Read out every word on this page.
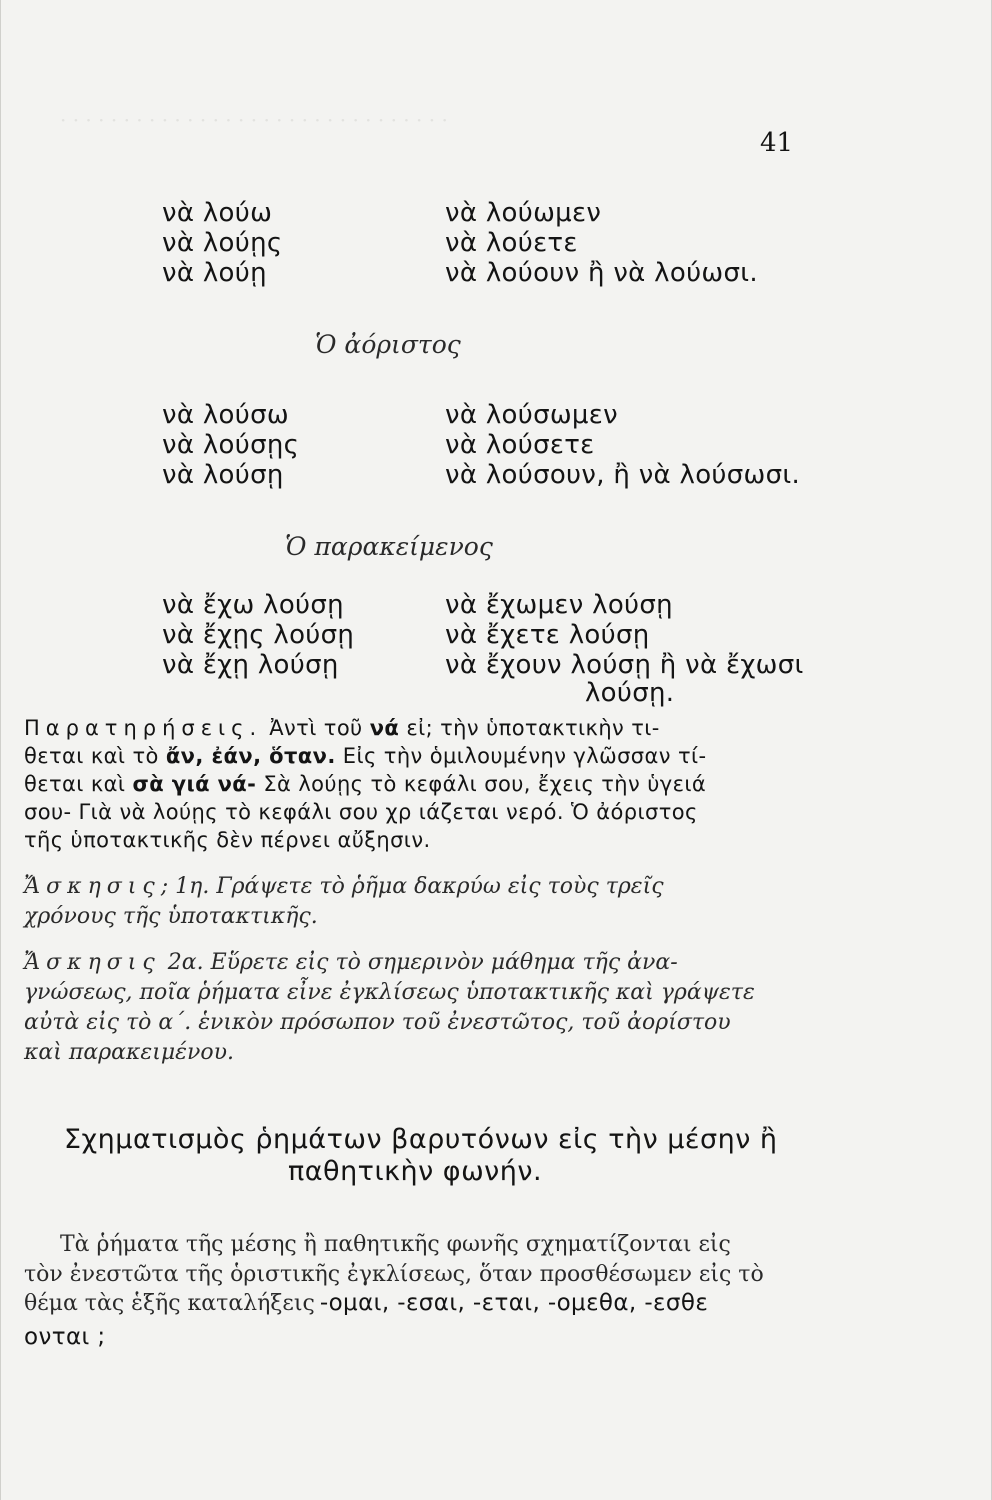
· · · · · · · · · · · · · · · · · · · · · · · · · · · · · · ·
41
νὰ λούω
νὰ λούῃς
νὰ λούῃ
νὰ λούωμεν
νὰ λούετε
νὰ λούουν ἢ νὰ λούωσι.
Ὁ ἀόριστος
νὰ λούσω
νὰ λούσῃς
νὰ λούσῃ
νὰ λούσωμεν
νὰ λούσετε
νὰ λούσουν, ἢ νὰ λούσωσι.
Ὁ παρακείμενος
νὰ ἔχω λούσῃ
νὰ ἔχῃς λούσῃ
νὰ ἔχῃ λούσῃ
νὰ ἔχωμεν λούσῃ
νὰ ἔχετε λούσῃ
νὰ ἔχουν λούσῃ ἢ νὰ ἔχωσι
λούσῃ.
Παρατηρήσεις. Ἀντὶ τοῦ νά εἰ; τὴν ὑποτακτικὴν τι-
θεται καὶ τὸ ἄν, ἐάν, ὅταν. Εἰς τὴν ὁμιλουμένην γλῶσσαν τί-
θεται καὶ σὰ γιά νά- Σὰ λούῃς τὸ κεφάλι σου, ἔχεις τὴν ὑγειά
σου- Γιὰ νὰ λούῃς τὸ κεφάλι σου χρ ιάζεται νερό. Ὁ ἀόριστος
τῆς ὑποτακτικῆς δὲν πέρνει αὔξησιν.
Ἄσκησις; 1η. Γράψετε τὸ ῥῆμα δακρύω εἰς τοὺς τρεῖς
χρόνους τῆς ὑποτακτικῆς.
Ἄσκησις 2α. Εὕρετε εἰς τὸ σημερινὸν μάθημα τῆς ἀνα-
γνώσεως, ποῖα ῥήματα εἶνε ἐγκλίσεως ὑποτακτικῆς καὶ γράψετε
αὐτὰ εἰς τὸ α΄. ἑνικὸν πρόσωπον τοῦ ἐνεστῶτος, τοῦ ἀορίστου
καὶ παρακειμένου.
Σχηματισμὸς ῥημάτων βαρυτόνων εἰς τὴν μέσην ἢ
παθητικὴν φωνήν.
Τὰ ῥήματα τῆς μέσης ἢ παθητικῆς φωνῆς σχηματίζονται εἰς
τὸν ἐνεστῶτα τῆς ὁριστικῆς ἐγκλίσεως, ὅταν προσθέσωμεν εἰς τὸ
θέμα τὰς ἑξῆς καταλήξεις -ομαι, -εσαι, -εται, -ομεθα, -εσθε
ονται ;
